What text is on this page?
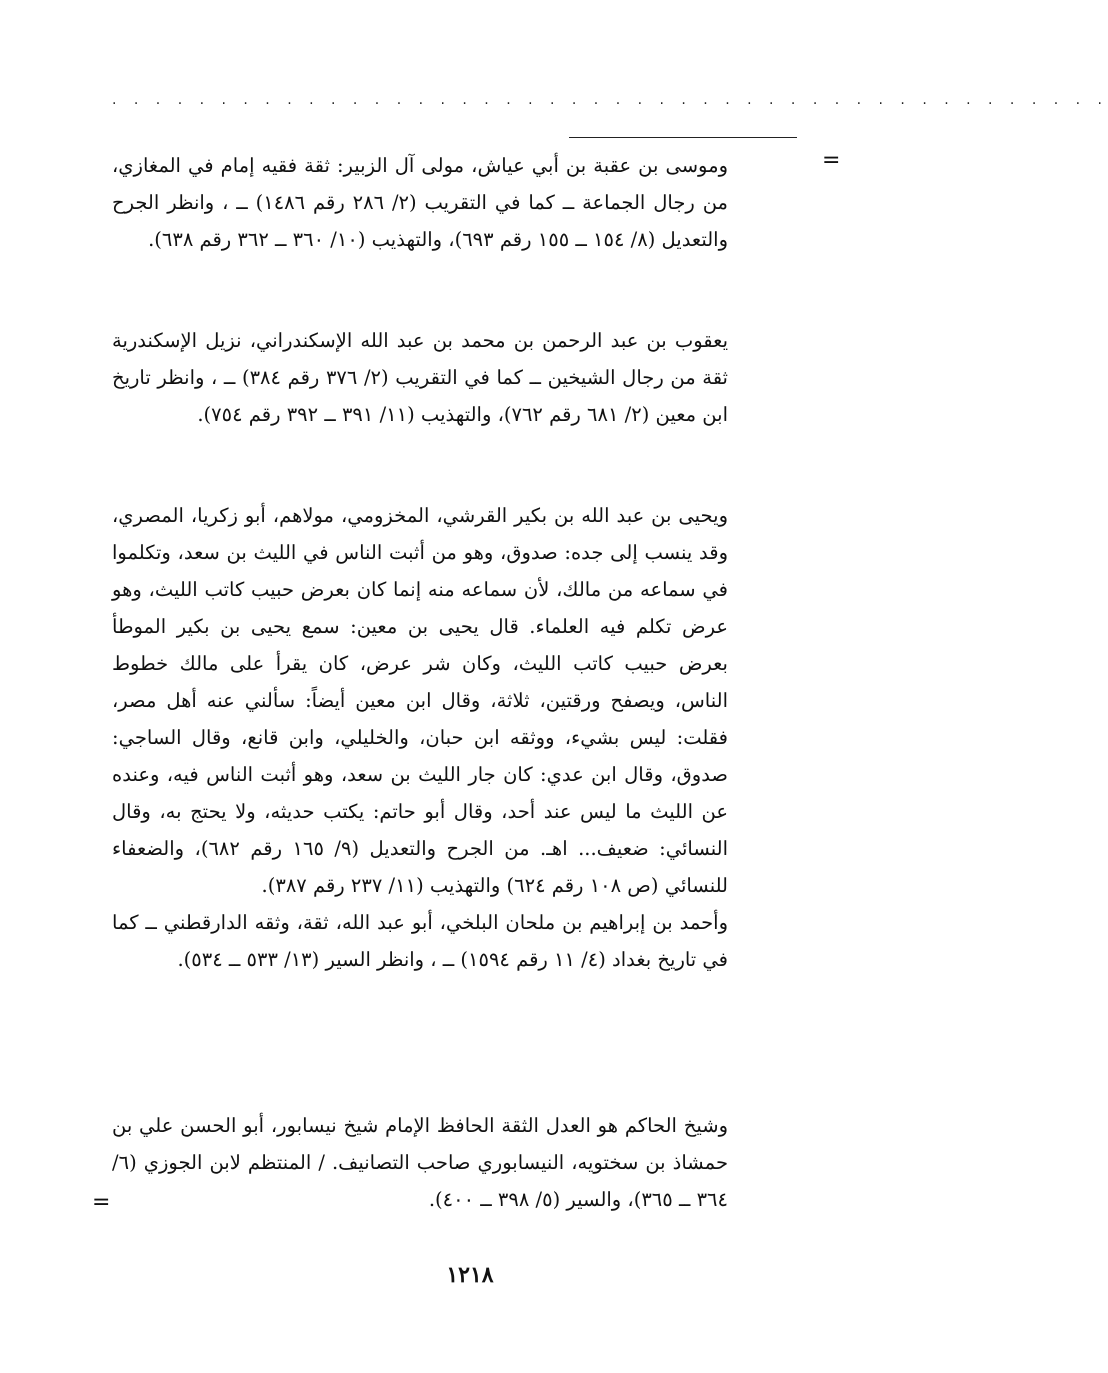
. . . . . . . . . . . . . . . . . . . . . . . . . . . . . . . . . . . . . . . . . . . . . .
=
=

وموسى بن عقبة بن أبي عياش، مولى آل الزبير: ثقة فقيه إمام في المغازي، من رجال الجماعة ــ كما في التقريب (٢/ ٢٨٦ رقم ١٤٨٦) ــ ، وانظر الجرح والتعديل (٨/ ١٥٤ ــ ١٥٥ رقم ٦٩٣)، والتهذيب (١٠/ ٣٦٠ ــ ٣٦٢ رقم ٦٣٨).

يعقوب بن عبد الرحمن بن محمد بن عبد الله الإسكندراني، نزيل الإسكندرية ثقة من رجال الشيخين ــ كما في التقريب (٢/ ٣٧٦ رقم ٣٨٤) ــ ، وانظر تاريخ ابن معين (٢/ ٦٨١ رقم ٧٦٢)، والتهذيب (١١/ ٣٩١ ــ ٣٩٢ رقم ٧٥٤).

ويحيى بن عبد الله بن بكير القرشي، المخزومي، مولاهم، أبو زكريا، المصري، وقد ينسب إلى جده: صدوق، وهو من أثبت الناس في الليث بن سعد، وتكلموا في سماعه من مالك، لأن سماعه منه إنما كان بعرض حبيب كاتب الليث، وهو عرض تكلم فيه العلماء. قال يحيى بن معين: سمع يحيى بن بكير الموطأ بعرض حبيب كاتب الليث، وكان شر عرض، كان يقرأ على مالك خطوط الناس، ويصفح ورقتين، ثلاثة، وقال ابن معين أيضاً: سألني عنه أهل مصر، فقلت: ليس بشيء، ووثقه ابن حبان، والخليلي، وابن قانع، وقال الساجي: صدوق، وقال ابن عدي: كان جار الليث بن سعد، وهو أثبت الناس فيه، وعنده عن الليث ما ليس عند أحد، وقال أبو حاتم: يكتب حديثه، ولا يحتج به، وقال النسائي: ضعيف... اهـ. من الجرح والتعديل (٩/ ١٦٥ رقم ٦٨٢)، والضعفاء للنسائي (ص ١٠٨ رقم ٦٢٤) والتهذيب (١١/ ٢٣٧ رقم ٣٨٧).

وأحمد بن إبراهيم بن ملحان البلخي، أبو عبد الله، ثقة، وثقه الدارقطني ــ كما في تاريخ بغداد (٤/ ١١ رقم ١٥٩٤) ــ ، وانظر السير (١٣/ ٥٣٣ ــ ٥٣٤).

وشيخ الحاكم هو العدل الثقة الحافظ الإمام شيخ نيسابور، أبو الحسن علي بن حمشاذ بن سختويه، النيسابوري صاحب التصانيف. / المنتظم لابن الجوزي (٦/ ٣٦٤ ــ ٣٦٥)، والسير (٥/ ٣٩٨ ــ ٤٠٠).

١٢١٨
